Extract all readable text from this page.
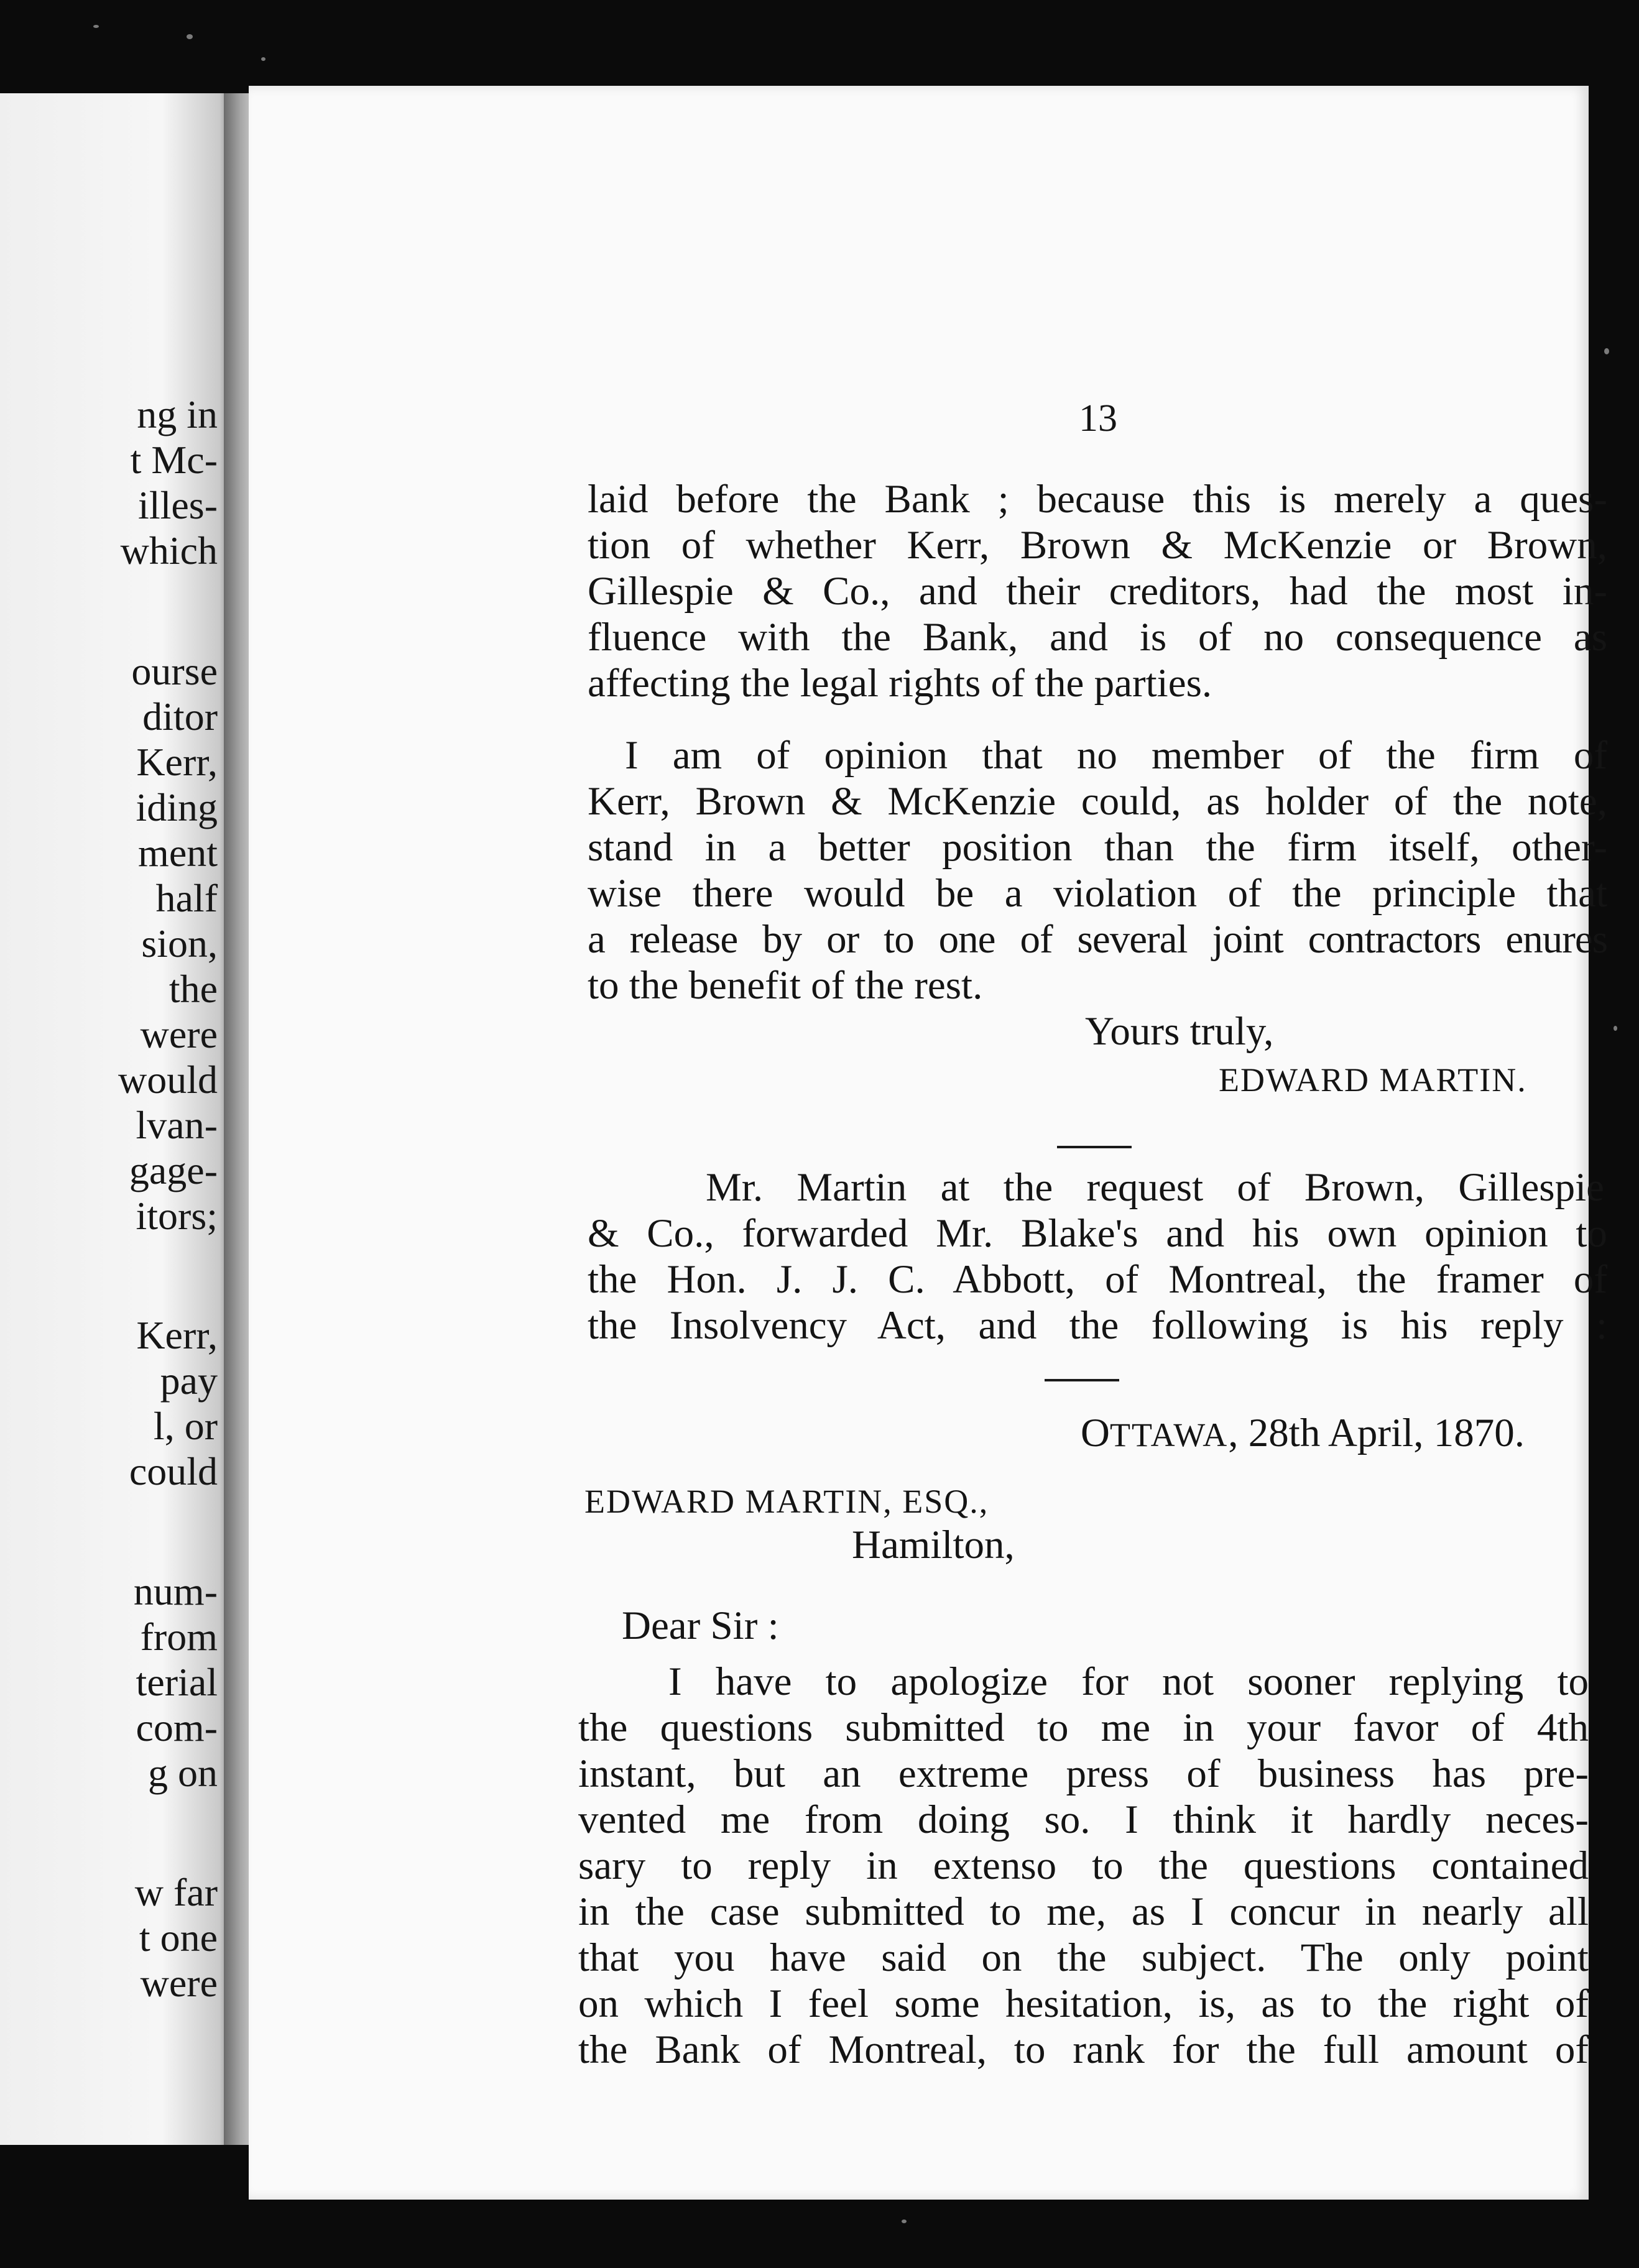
ng in
t Mc-
illes-
which
ourse
ditor
Kerr,
iding
ment
half
sion,
the
were
would
lvan-
gage-
itors;
Kerr,
pay
l, or
could
num-
from
terial
com-
g on
w far
t one
were
13
laid before the Bank ; because this is merely a ques-
tion of whether Kerr, Brown & McKenzie or Brown,
Gillespie & Co., and their creditors, had the most in-
fluence with the Bank, and is of no consequence as
affecting the legal rights of the parties.
I am of opinion that no member of the firm of
Kerr, Brown & McKenzie could, as holder of the note,
stand in a better position than the firm itself, other-
wise there would be a violation of the principle that
a release by or to one of several joint contractors enures
to the benefit of the rest.
Yours truly,
EDWARD MARTIN.
Mr. Martin at the request of Brown, Gillespie
& Co., forwarded Mr. Blake's and his own opinion to
the Hon. J. J. C. Abbott, of Montreal, the framer of
the Insolvency Act, and the following is his reply :
OTTAWA, 28th April, 1870.
EDWARD MARTIN, ESQ.,
Hamilton,
Dear Sir :
I have to apologize for not sooner replying to
the questions submitted to me in your favor of 4th
instant, but an extreme press of business has pre-
vented me from doing so. I think it hardly neces-
sary to reply in extenso to the questions contained
in the case submitted to me, as I concur in nearly all
that you have said on the subject. The only point
on which I feel some hesitation, is, as to the right of
the Bank of Montreal, to rank for the full amount of
